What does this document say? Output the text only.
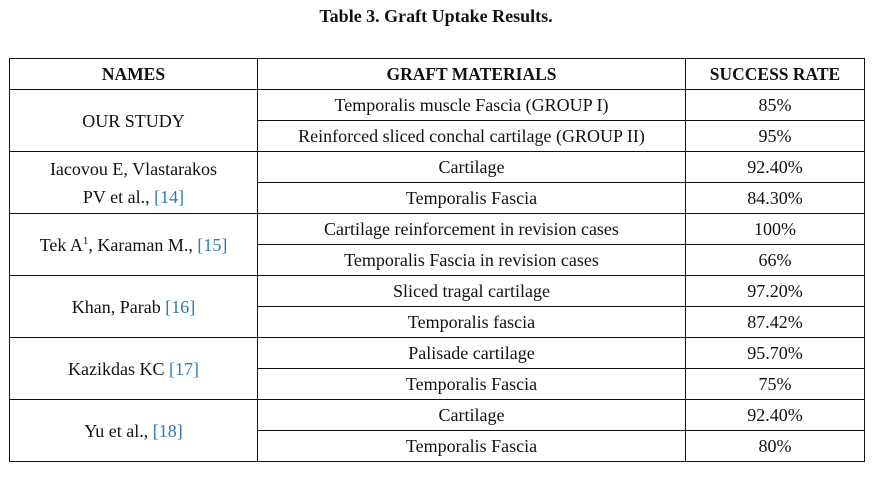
Table 3. Graft Uptake Results.
NAMES	GRAFT MATERIALS	SUCCESS RATE
OUR STUDY	Temporalis muscle Fascia (GROUP I)	85%
	Reinforced sliced conchal cartilage (GROUP II)	95%
Iacovou E, Vlastarakos
PV et al., [14]	Cartilage	92.40%
	Temporalis Fascia	84.30%
Tek $A^1$, Karaman M., [15]	Cartilage reinforcement in revision cases	100%
	Temporalis Fascia in revision cases	66%
Khan, Parab [16]	Sliced tragal cartilage	97.20%
	Temporalis fascia	87.42%
Kazikdas KC [17]	Palisade cartilage	95.70%
	Temporalis Fascia	75%
Yu et al., [18]	Cartilage	92.40%
	Temporalis Fascia	80%
